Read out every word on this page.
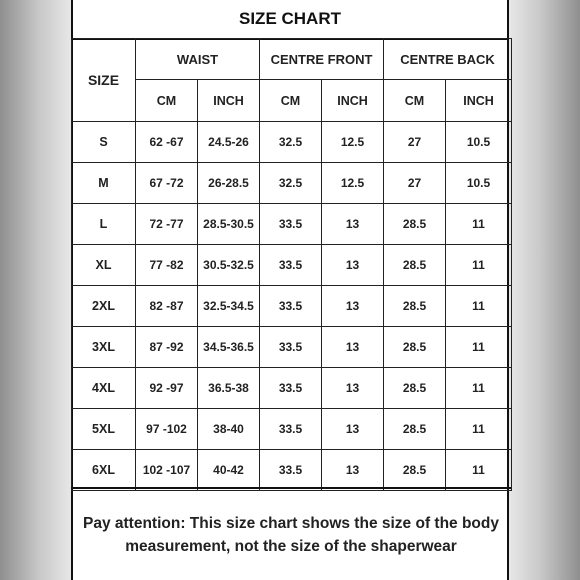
SIZE CHART
SIZE	WAIST		CENTRE FRONT		CENTRE BACK	
	CM	INCH	CM	INCH	CM	INCH
S	62 -67	24.5-26	32.5	12.5	27	10.5
M	67 -72	26-28.5	32.5	12.5	27	10.5
L	72 -77	28.5-30.5	33.5	13	28.5	11
XL	77 -82	30.5-32.5	33.5	13	28.5	11
2XL	82 -87	32.5-34.5	33.5	13	28.5	11
3XL	87 -92	34.5-36.5	33.5	13	28.5	11
4XL	92 -97	36.5-38	33.5	13	28.5	11
5XL	97 -102	38-40	33.5	13	28.5	11
6XL	102 -107	40-42	33.5	13	28.5	11
Pay attention: This size chart shows the size of the body
measurement, not the size of the shaperwear
